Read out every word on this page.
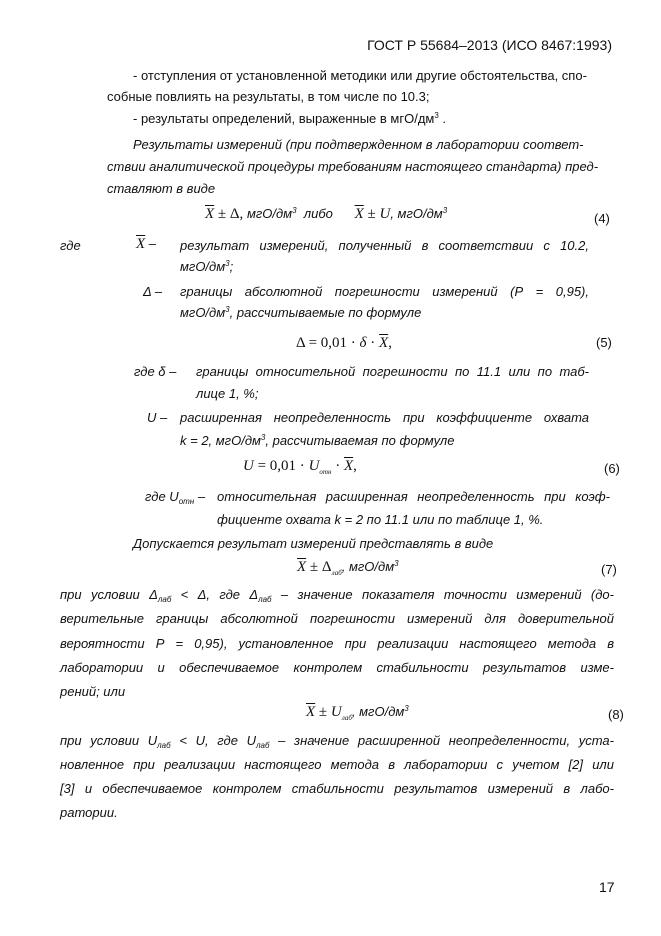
ГОСТ Р 55684–2013 (ИСО 8467:1993)
- отступления от установленной методики или другие обстоятельства, спо-
собные повлиять на результаты, в том числе по 10.3;
- результаты определений, выраженные в мгО/$дм^3$ .
Результаты измерений (при подтвержденном в лаборатории соответ-
ствии аналитической процедуры требованиям настоящего стандарта) пред-
ставляют в виде
$\overline{X} \pm \Delta$, мгО/$дм^3$ либо $\overline{X} \pm U$, мгО/$дм^3$
(4)
где	$\overline{X}$ – результат измерений, полученный в соответствии с 10.2,
мгО/$дм^3$;
Δ – границы абсолютной погрешности измерений (Р = 0,95),
мгО/$дм^3$, рассчитываемые по формуле
$\Delta = 0,01 \cdot \delta \cdot \overline{X}$,	(5)
где δ – границы относительной погрешности по 11.1 или по таб-
лице 1, %;
U – расширенная неопределенность при коэффициенте охвата
k = 2, мгО/$дм^3$, рассчитываемая по формуле
$U = 0,01 \cdot U_{отн} \cdot \overline{X}$,	(6)
где $U_{отн}$ – относительная расширенная неопределенность при коэф-
фициенте охвата k = 2 по 11.1 или по таблице 1, %.
Допускается результат измерений представлять в виде
$\overline{X} \pm \Delta_{лаб}$, мгО/$дм^3$	(7)
при условии $\Delta_{лаб} < \Delta$, где $\Delta_{лаб}$ – значение показателя точности измерений (до-
верительные границы абсолютной погрешности измерений для доверительной
вероятности Р = 0,95), установленное при реализации настоящего метода в
лаборатории и обеспечиваемое контролем стабильности результатов изме-
рений; или
$\overline{X} \pm U_{лаб}$, мгО/$дм^3$	(8)
при условии $U_{лаб} < U$, где $U_{лаб}$ – значение расширенной неопределенности, уста-
новленное при реализации настоящего метода в лаборатории с учетом [2] или
[3] и обеспечиваемое контролем стабильности результатов измерений в лабо-
ратории.
17
